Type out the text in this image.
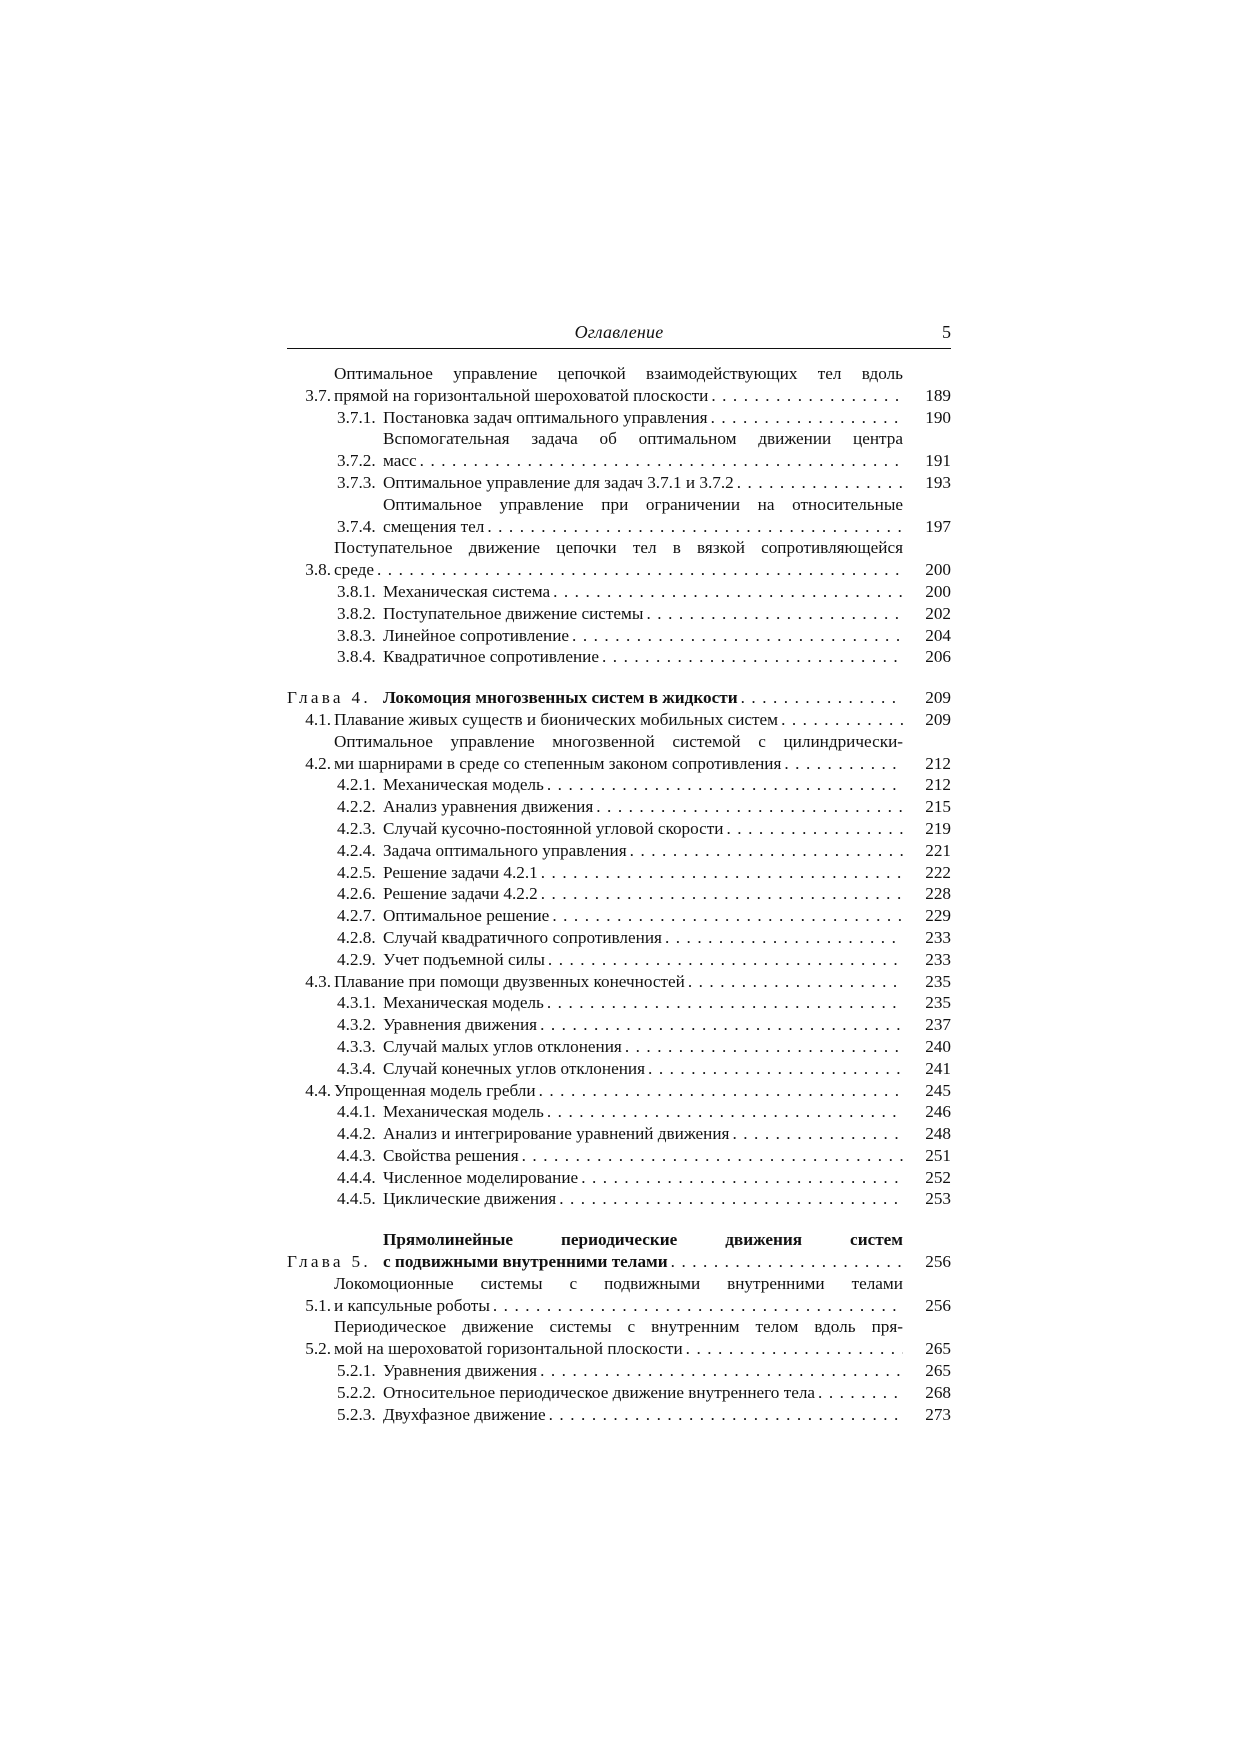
Оглавление	5
3.7.
Оптимальное управление цепочкой взаимодействующих тел вдоль
прямой на горизонтальной шероховатой плоскости . . .	189
3.7.1. Постановка задач оптимального управления . . .	190
3.7.2.
Вспомогательная задача об оптимальном движении центра
масс . . .	191
3.7.3. Оптимальное управление для задач 3.7.1 и 3.7.2 . . .	193
3.7.4.
Оптимальное управление при ограничении на относительные
смещения тел . . .	197
3.8.
Поступательное движение цепочки тел в вязкой сопротивляющейся
среде . . .	200
3.8.1. Механическая система . . .	200
3.8.2. Поступательное движение системы . . .	202
3.8.3. Линейное сопротивление . . .	204
3.8.4. Квадратичное сопротивление . . .	206
Глава 4. Локомоция многозвенных систем в жидкости . . .	209
4.1. Плавание живых существ и бионических мобильных систем . . .	209
4.2.
Оптимальное управление многозвенной системой с цилиндрически-
ми шарнирами в среде со степенным законом сопротивления . . .	212
4.2.1. Механическая модель . . .	212
4.2.2. Анализ уравнения движения . . .	215
4.2.3. Случай кусочно-постоянной угловой скорости . . .	219
4.2.4. Задача оптимального управления . . .	221
4.2.5. Решение задачи 4.2.1 . . .	222
4.2.6. Решение задачи 4.2.2 . . .	228
4.2.7. Оптимальное решение . . .	229
4.2.8. Случай квадратичного сопротивления . . .	233
4.2.9. Учет подъемной силы . . .	233
4.3. Плавание при помощи двузвенных конечностей . . .	235
4.3.1. Механическая модель . . .	235
4.3.2. Уравнения движения . . .	237
4.3.3. Случай малых углов отклонения . . .	240
4.3.4. Случай конечных углов отклонения . . .	241
4.4. Упрощенная модель гребли . . .	245
4.4.1. Механическая модель . . .	246
4.4.2. Анализ и интегрирование уравнений движения . . .	248
4.4.3. Свойства решения . . .	251
4.4.4. Численное моделирование . . .	252
4.4.5. Циклические движения . . .	253
Глава 5.
Прямолинейные периодические движения систем
с подвижными внутренними телами . . .	256
5.1.
Локомоционные системы с подвижными внутренними телами
и капсульные роботы . . .	256
5.2.
Периодическое движение системы с внутренним телом вдоль пря-
мой на шероховатой горизонтальной плоскости . . .	265
5.2.1. Уравнения движения . . .	265
5.2.2. Относительное периодическое движение внутреннего тела . . .	268
5.2.3. Двухфазное движение . . .	273
